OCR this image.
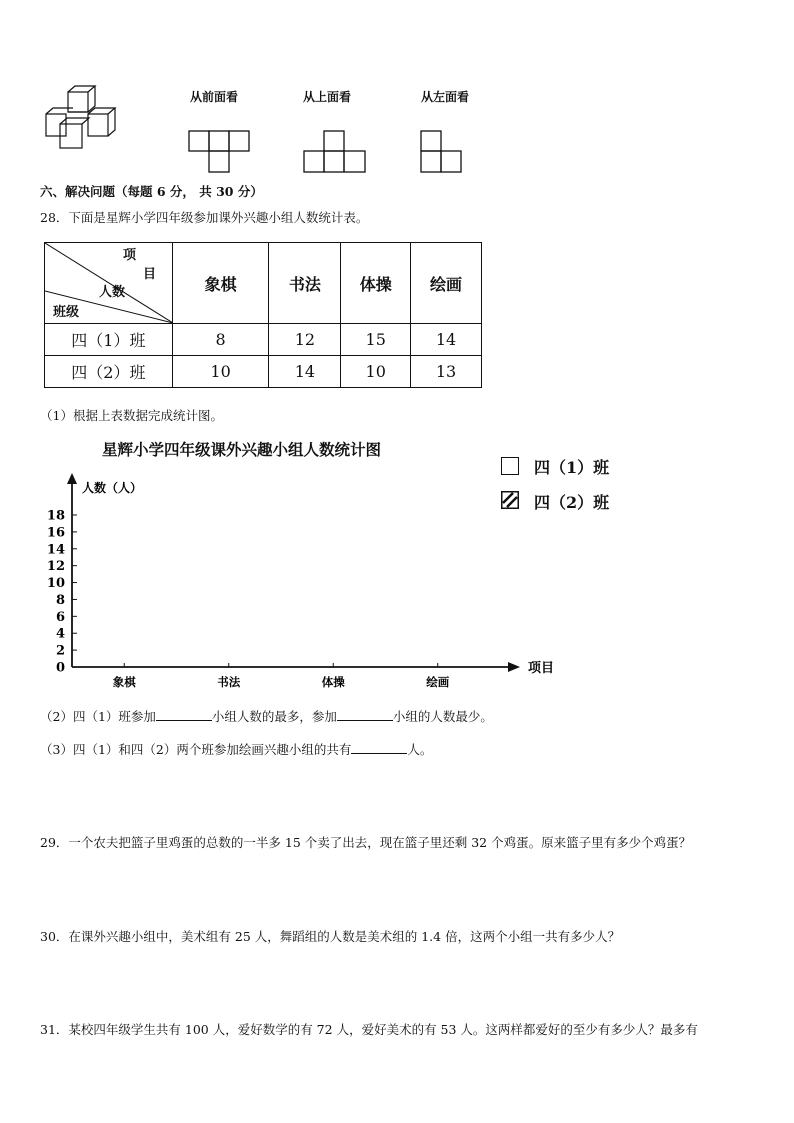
从前面看	从上面看	从左面看
六、解决问题（每题 6 分， 共 30 分）
28．下面是星辉小学四年级参加课外兴趣小组人数统计表。
项
目
人数
班级	象棋	书法	体操	绘画
四（1）班	8	12	15	14
四（2）班	10	14	10	13
（1）根据上表数据完成统计图。
星辉小学四年级课外兴趣小组人数统计图
四（1）班
四（2）班
人数（人）
项目
0
2
4
6
8
10
12
14
16
18
象棋	书法	体操	绘画
（2）四（1）班参加	小组人数的最多，参加	小组的人数最少。
（3）四（1）和四（2）两个班参加绘画兴趣小组的共有	人。
29．一个农夫把篮子里鸡蛋的总数的一半多 15 个卖了出去，现在篮子里还剩 32 个鸡蛋。原来篮子里有多少个鸡蛋？
30．在课外兴趣小组中，美术组有 25 人，舞蹈组的人数是美术组的 1.4 倍，这两个小组一共有多少人？
31．某校四年级学生共有 100 人，爱好数学的有 72 人，爱好美术的有 53 人。这两样都爱好的至少有多少人？最多有
